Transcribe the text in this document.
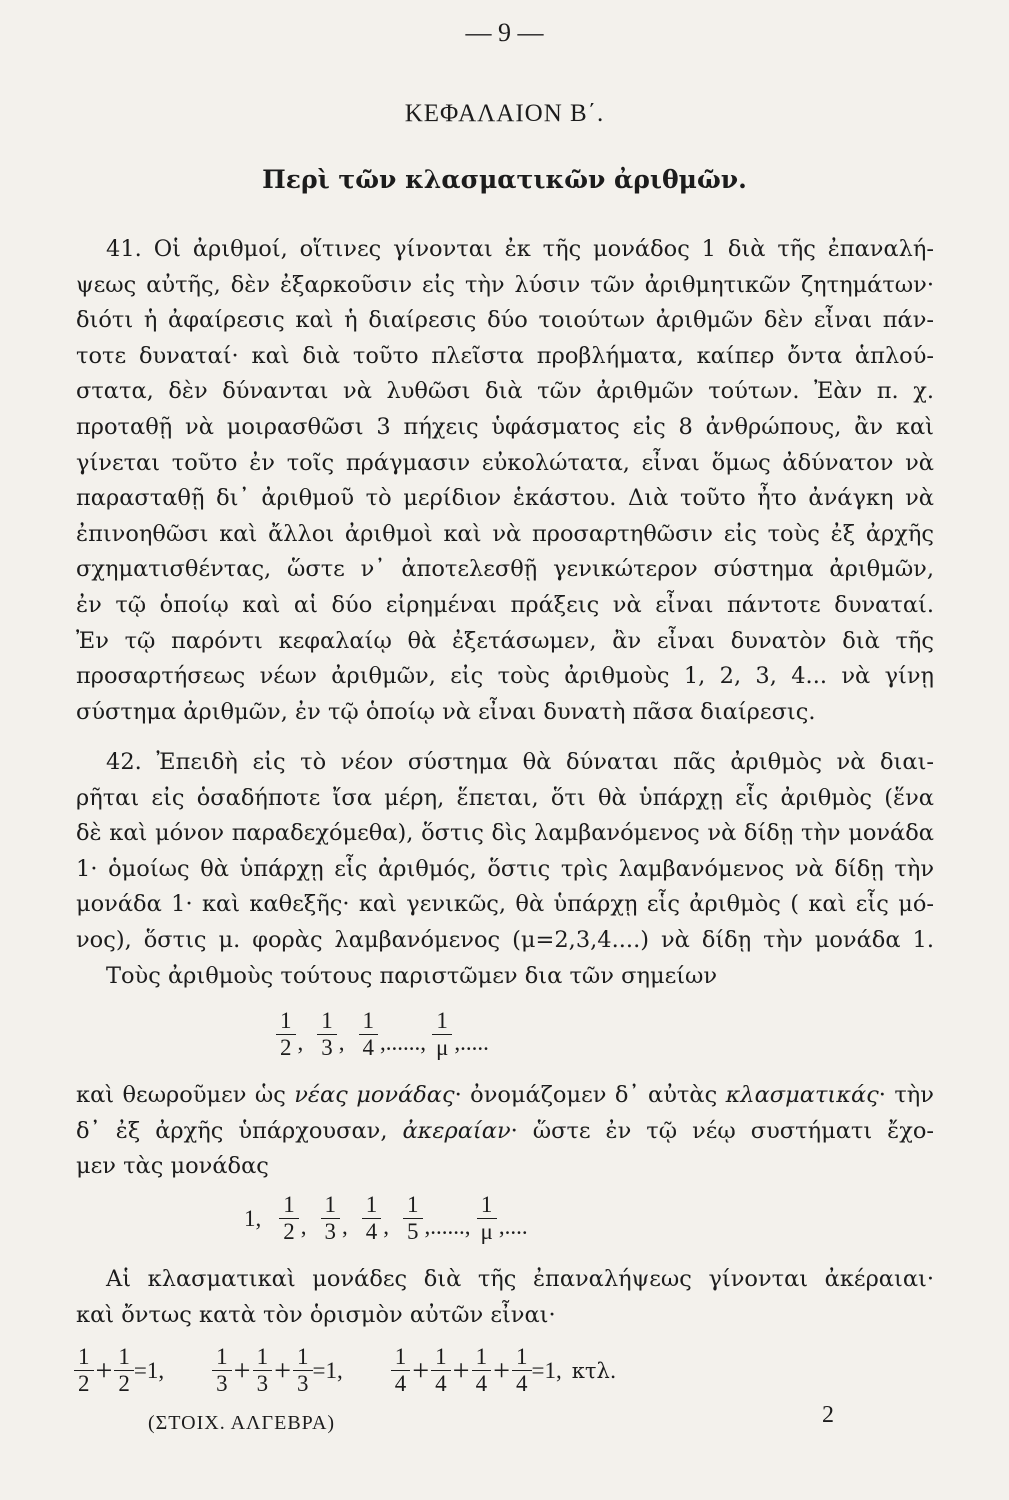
— 9 —
ΚΕΦΑΛΑΙΟΝ Β΄.
Περὶ τῶν κλασματικῶν ἀριθμῶν.
41. Οἱ ἀριθμοί, οἵτινες γίνονται ἐκ τῆς μονάδος 1 διὰ τῆς ἐπαναλή-
ψεως αὐτῆς, δὲν ἐξαρκοῦσιν εἰς τὴν λύσιν τῶν ἀριθμητικῶν ζητημάτων·
διότι ἡ ἀφαίρεσις καὶ ἡ διαίρεσις δύο τοιούτων ἀριθμῶν δὲν εἶναι πάν-
τοτε δυναταί· καὶ διὰ τοῦτο πλεῖστα προβλήματα, καίπερ ὄντα ἁπλού-
στατα, δὲν δύνανται νὰ λυθῶσι διὰ τῶν ἀριθμῶν τούτων. Ἐὰν π. χ.
προταθῇ νὰ μοιρασθῶσι 3 πήχεις ὑφάσματος εἰς 8 ἀνθρώπους, ἂν καὶ
γίνεται τοῦτο ἐν τοῖς πράγμασιν εὐκολώτατα, εἶναι ὅμως ἀδύνατον νὰ
παρασταθῇ δι᾿ ἀριθμοῦ τὸ μερίδιον ἑκάστου. Διὰ τοῦτο ἦτο ἀνάγκη νὰ
ἐπινοηθῶσι καὶ ἄλλοι ἀριθμοὶ καὶ νὰ προσαρτηθῶσιν εἰς τοὺς ἐξ ἀρχῆς
σχηματισθέντας, ὥστε ν᾿ ἀποτελεσθῇ γενικώτερον σύστημα ἀριθμῶν,
ἐν τῷ ὁποίῳ καὶ αἱ δύο εἰρημέναι πράξεις νὰ εἶναι πάντοτε δυναταί.
Ἐν τῷ παρόντι κεφαλαίῳ θὰ ἐξετάσωμεν, ἂν εἶναι δυνατὸν διὰ τῆς
προσαρτήσεως νέων ἀριθμῶν, εἰς τοὺς ἀριθμοὺς 1, 2, 3, 4... νὰ γίνῃ
σύστημα ἀριθμῶν, ἐν τῷ ὁποίῳ νὰ εἶναι δυνατὴ πᾶσα διαίρεσις.
42. Ἐπειδὴ εἰς τὸ νέον σύστημα θὰ δύναται πᾶς ἀριθμὸς νὰ διαι-
ρῆται εἰς ὁσαδήποτε ἴσα μέρη, ἕπεται, ὅτι θὰ ὑπάρχῃ εἷς ἀριθμὸς (ἕνα
δὲ καὶ μόνον παραδεχόμεθα), ὅστις δὶς λαμβανόμενος νὰ δίδῃ τὴν μονάδα
1· ὁμοίως θὰ ὑπάρχῃ εἷς ἀριθμός, ὅστις τρὶς λαμβανόμενος νὰ δίδῃ τὴν
μονάδα 1· καὶ καθεξῆς· καὶ γενικῶς, θὰ ὑπάρχῃ εἷς ἀριθμὸς ( καὶ εἷς μό-
νος), ὅστις μ. φορὰς λαμβανόμενος (μ=2,3,4....) νὰ δίδῃ τὴν μονάδα 1.
Τοὺς ἀριθμοὺς τούτους παριστῶμεν δια τῶν σημείων
$\frac{1}{2}$ , $\frac{1}{3}$ , $\frac{1}{4}$ ,......, $\frac{1}{\mu}$ ,.....
καὶ θεωροῦμεν ὡς νέας μονάδας· ὀνομάζομεν δ᾿ αὐτὰς κλασματικάς· τὴν
δ᾿ ἐξ ἀρχῆς ὑπάρχουσαν, ἀκεραίαν· ὥστε ἐν τῷ νέῳ συστήματι ἔχο-
μεν τὰς μονάδας
1, $\frac{1}{2}$ , $\frac{1}{3}$ , $\frac{1}{4}$ , $\frac{1}{5}$ ,......, $\frac{1}{\mu}$ ,....
Αἱ κλασματικαὶ μονάδες διὰ τῆς ἐπαναλήψεως γίνονται ἀκέραιαι·
καὶ ὄντως κατὰ τὸν ὁρισμὸν αὐτῶν εἶναι·
$\frac{1}{2} + \frac{1}{2} =1$, $\frac{1}{3} + \frac{1}{3} + \frac{1}{3} =1$, $\frac{1}{4} + \frac{1}{4} + \frac{1}{4} + \frac{1}{4} =1$, κτλ.
(ΣΤΟΙΧ. ΑΛΓΕΒΡΑ)	2
